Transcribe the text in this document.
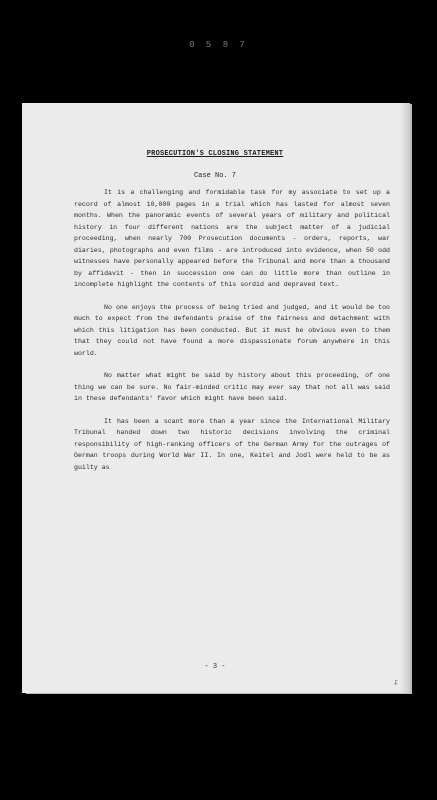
0 5 8 7
PROSECUTION'S CLOSING STATEMENT
Case No. 7

It is a challenging and formidable task for my associate to set up a record of almost 10,000 pages in a trial which has lasted for almost seven months. When the panoramic events of several years of military and political history in four different nations are the subject matter of a judicial proceeding, when nearly 700 Prosecution documents - orders, reports, war diaries, photographs and even films - are introduced into evidence, when 50 odd witnesses have personally appeared before the Tribunal and more than a thousand by affidavit - then in succession one can do little more than outline in incomplete highlight the contents of this sordid and depraved text.

No one enjoys the process of being tried and judged, and it would be too much to expect from the defendants praise of the fairness and detachment with which this litigation has been conducted. But it must be obvious even to them that they could not have found a more dispassionate forum anywhere in this world.

No matter what might be said by history about this proceeding, of one thing we can be sure. No fair-minded critic may ever say that not all was said in these defendants' favor which might have been said.

It has been a scant more than a year since the International Military Tribunal handed down two historic decisions involving the criminal responsibility of high-ranking officers of the German Army for the outrages of German troops during World War II. In one, Keitel and Jodl were held to be as guilty as

- 3 -
F
